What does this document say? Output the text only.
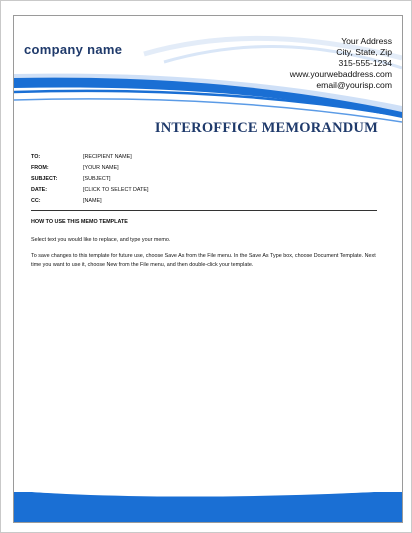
company name
Your Address
City, State, Zip
315-555-1234
www.yourwebaddress.com
email@yourisp.com
INTEROFFICE MEMORANDUM
TO:	[RECIPIENT NAME]
FROM:	[YOUR NAME]
SUBJECT:	[SUBJECT]
DATE:	[CLICK TO SELECT DATE]
CC:	[NAME]
HOW TO USE THIS MEMO TEMPLATE

Select text you would like to replace, and type your memo.

To save changes to this template for future use, choose Save As from the File menu. In the Save As Type box, choose Document Template. Next time you want to use it, choose New from the File menu, and then double-click your template.
